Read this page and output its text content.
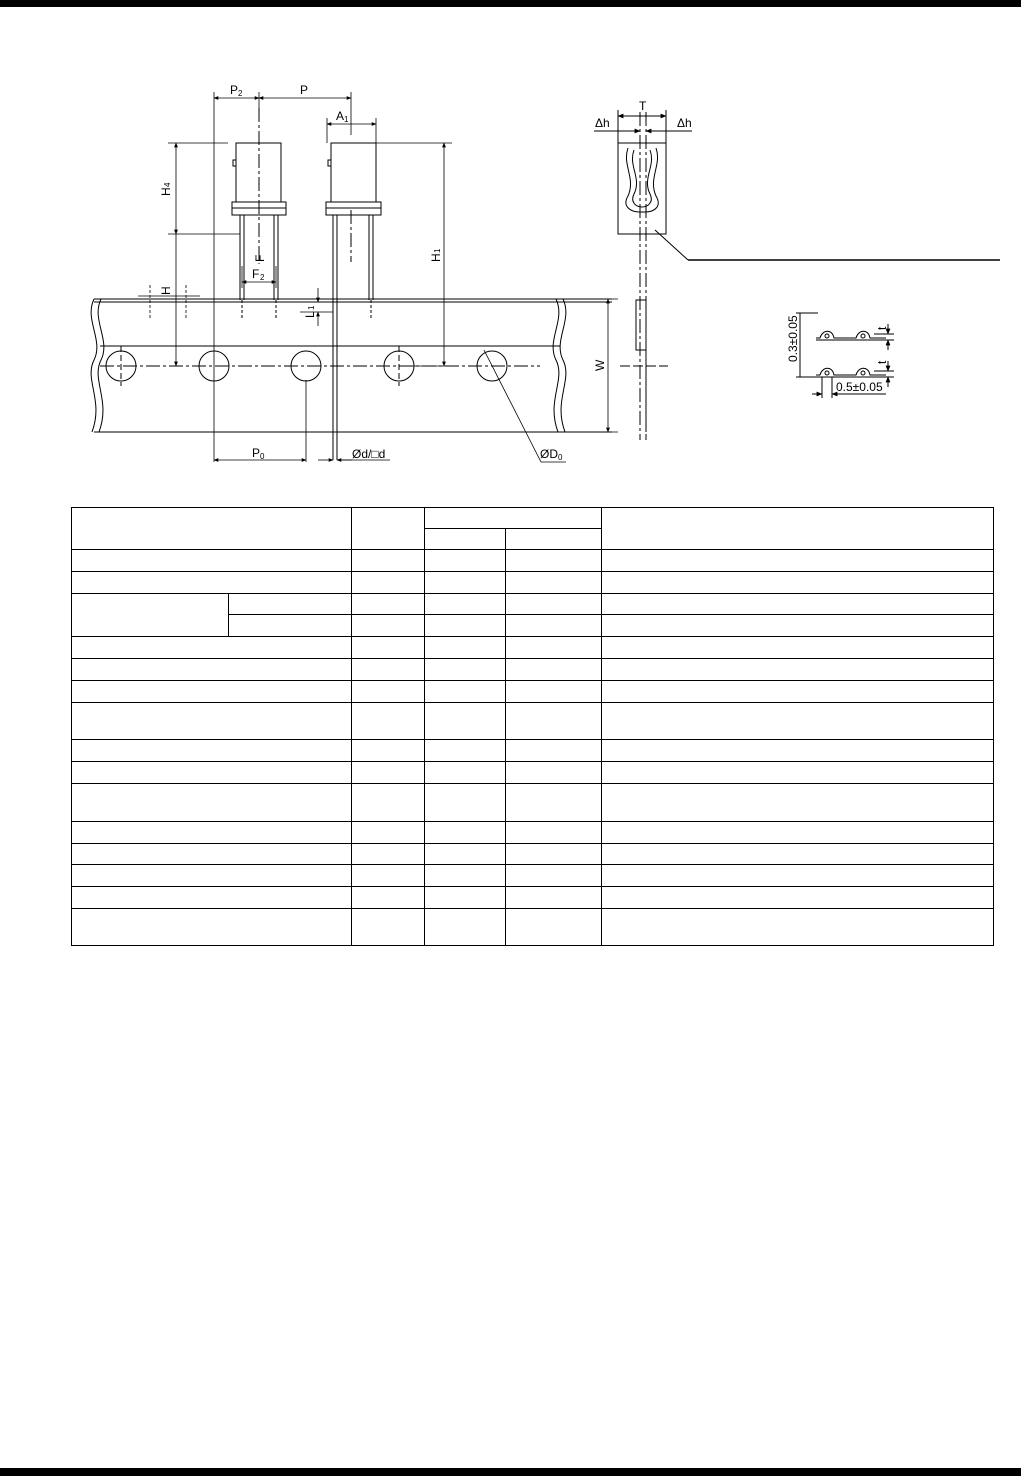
P 2	P
A 1
H
4
H
H
1
F
F 2
L
1
W
P 0	Ød/□d	ØD 0
T
Δh	Δh
0.3±0.05	t
t
0.5±0.05
